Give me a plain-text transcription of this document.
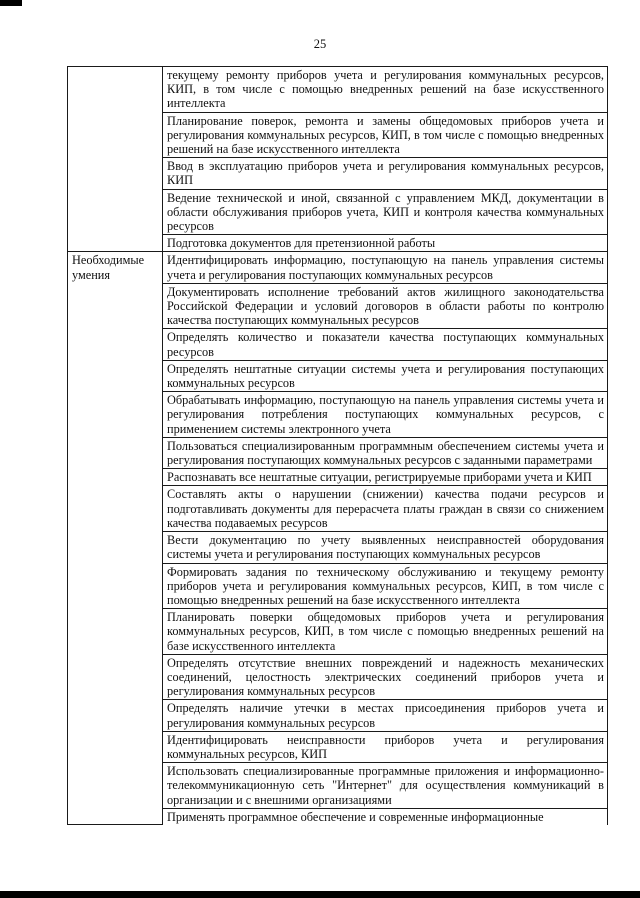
25
	текущему ремонту приборов учета и регулирования коммунальных ресурсов, КИП, в том числе с помощью внедренных решений на базе искусственного интеллекта
	Планирование поверок, ремонта и замены общедомовых приборов учета и регулирования коммунальных ресурсов, КИП, в том числе с помощью внедренных решений на базе искусственного интеллекта
	Ввод в эксплуатацию приборов учета и регулирования коммунальных ресурсов, КИП
	Ведение технической и иной, связанной с управлением МКД, документации в области обслуживания приборов учета, КИП и контроля качества коммунальных ресурсов
	Подготовка документов для претензионной работы
Необходимые умения	Идентифицировать информацию, поступающую на панель управления системы учета и регулирования поступающих коммунальных ресурсов
	Документировать исполнение требований актов жилищного законодательства Российской Федерации и условий договоров в области работы по контролю качества поступающих коммунальных ресурсов
	Определять количество и показатели качества поступающих коммунальных ресурсов
	Определять нештатные ситуации системы учета и регулирования поступающих коммунальных ресурсов
	Обрабатывать информацию, поступающую на панель управления системы учета и регулирования потребления поступающих коммунальных ресурсов, с применением системы электронного учета
	Пользоваться специализированным программным обеспечением системы учета и регулирования поступающих коммунальных ресурсов с заданными параметрами
	Распознавать все нештатные ситуации, регистрируемые приборами учета и КИП
	Составлять акты о нарушении (снижении) качества подачи ресурсов и подготавливать документы для перерасчета платы граждан в связи со снижением качества подаваемых ресурсов
	Вести документацию по учету выявленных неисправностей оборудования системы учета и регулирования поступающих коммунальных ресурсов
	Формировать задания по техническому обслуживанию и текущему ремонту приборов учета и регулирования коммунальных ресурсов, КИП, в том числе с помощью внедренных решений на базе искусственного интеллекта
	Планировать поверки общедомовых приборов учета и регулирования коммунальных ресурсов, КИП, в том числе с помощью внедренных решений на базе искусственного интеллекта
	Определять отсутствие внешних повреждений и надежность механических соединений, целостность электрических соединений приборов учета и регулирования коммунальных ресурсов
	Определять наличие утечки в местах присоединения приборов учета и регулирования коммунальных ресурсов
	Идентифицировать неисправности приборов учета и регулирования коммунальных ресурсов, КИП
	Использовать специализированные программные приложения и информационно-телекоммуникационную сеть "Интернет" для осуществления коммуникаций в организации и с внешними организациями
	Применять программное обеспечение и современные информационные
